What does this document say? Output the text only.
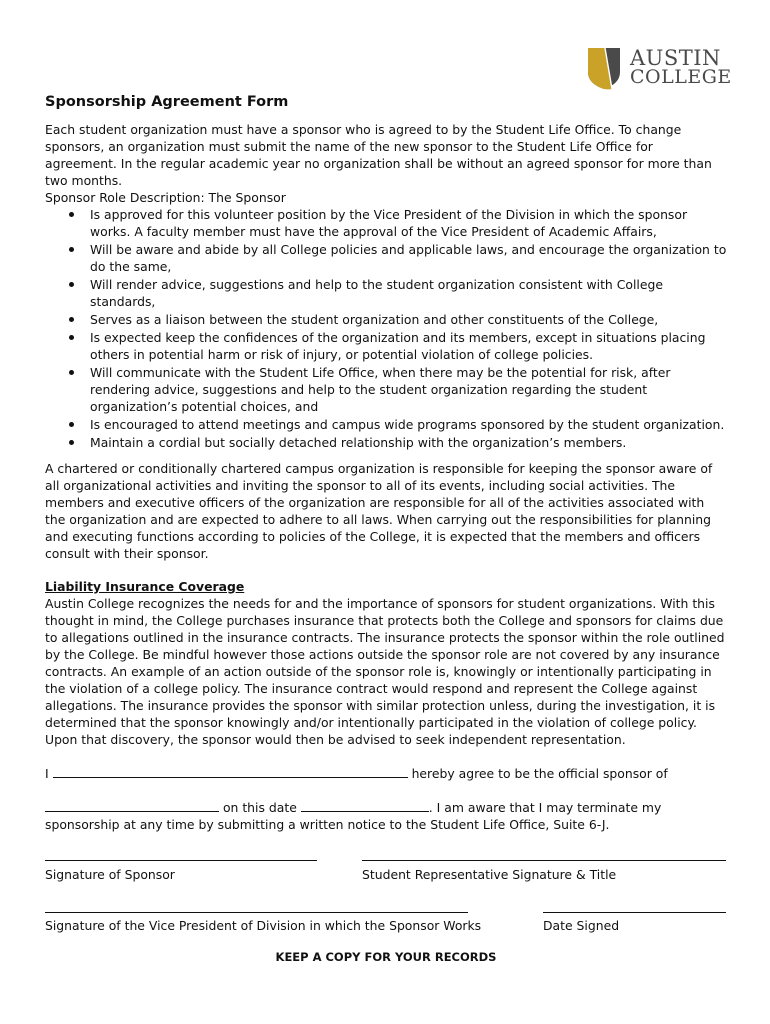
AUSTIN
COLLEGE
Sponsorship Agreement Form
Each student organization must have a sponsor who is agreed to by the Student Life Office. To change sponsors, an organization must submit the name of the new sponsor to the Student Life Office for agreement. In the regular academic year no organization shall be without an agreed sponsor for more than two months.
Sponsor Role Description: The Sponsor
Is approved for this volunteer position by the Vice President of the Division in which the sponsor works. A faculty member must have the approval of the Vice President of Academic Affairs,
Will be aware and abide by all College policies and applicable laws, and encourage the organization to do the same,
Will render advice, suggestions and help to the student organization consistent with College standards,
Serves as a liaison between the student organization and other constituents of the College,
Is expected keep the confidences of the organization and its members, except in situations placing others in potential harm or risk of injury, or potential violation of college policies.
Will communicate with the Student Life Office, when there may be the potential for risk, after rendering advice, suggestions and help to the student organization regarding the student organization’s potential choices, and
Is encouraged to attend meetings and campus wide programs sponsored by the student organization.
Maintain a cordial but socially detached relationship with the organization’s members.
A chartered or conditionally chartered campus organization is responsible for keeping the sponsor aware of all organizational activities and inviting the sponsor to all of its events, including social activities. The members and executive officers of the organization are responsible for all of the activities associated with the organization and are expected to adhere to all laws. When carrying out the responsibilities for planning and executing functions according to policies of the College, it is expected that the members and officers consult with their sponsor.
Liability Insurance Coverage
Austin College recognizes the needs for and the importance of sponsors for student organizations. With this thought in mind, the College purchases insurance that protects both the College and sponsors for claims due to allegations outlined in the insurance contracts. The insurance protects the sponsor within the role outlined by the College. Be mindful however those actions outside the sponsor role are not covered by any insurance contracts. An example of an action outside of the sponsor role is, knowingly or intentionally participating in the violation of a college policy. The insurance contract would respond and represent the College against allegations. The insurance provides the sponsor with similar protection unless, during the investigation, it is determined that the sponsor knowingly and/or intentionally participated in the violation of college policy. Upon that discovery, the sponsor would then be advised to seek independent representation.
I	hereby agree to be the official sponsor of
on this date	. I am aware that I may terminate my
sponsorship at any time by submitting a written notice to the Student Life Office, Suite 6-J.
Signature of Sponsor	Student Representative Signature & Title
Signature of the Vice President of Division in which the Sponsor Works	Date Signed
KEEP A COPY FOR YOUR RECORDS
